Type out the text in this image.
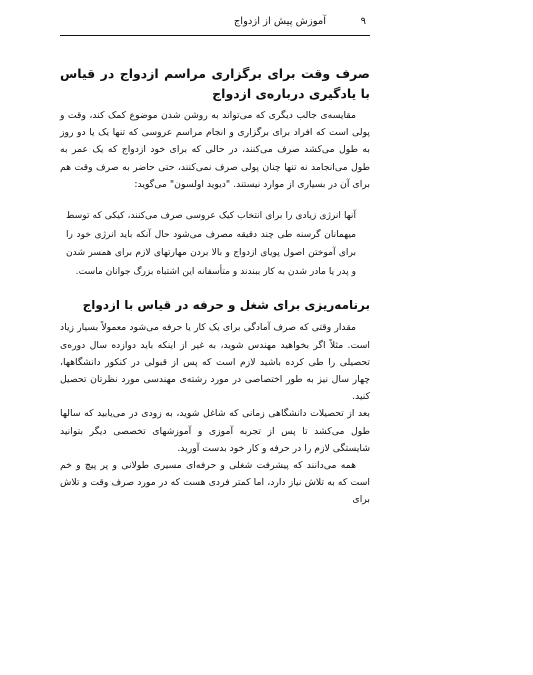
۹
آموزش پیش از ازدواج
صرف وقت برای برگزاری مراسم ازدواج در قیاس با یادگیری درباره‌ی ازدواج

مقایسه‌ی جالب دیگری که می‌تواند به روشن شدن موضوع کمک کند، وقت و پولی است که افراد برای برگزاری و انجام مراسم عروسی که تنها یک یا دو روز به طول می‌کشد صرف می‌کنند، در حالی که برای خود ازدواج که یک عمر به طول می‌انجامد نه تنها چنان پولی صرف نمی‌کنند، حتی حاضر به صرف وقت هم برای آن در بسیاری از موارد نیستند. "دیوید اولسون" می‌گوید:

آنها انرژی زیادی را برای انتخاب کیک عروسی صرف می‌کنند، کیکی که توسط میهمانان گرسنه طی چند دقیقه مصرف می‌شود حال آنکه باید انرژی خود را برای آموختن اصول پویای ازدواج و بالا بردن مهارتهای لازم برای همسر شدن و پدر یا مادر شدن به کار ببندند و متأسفانه این اشتباه بزرگ جوانان ماست.

برنامه‌ریزی برای شغل و حرفه در قیاس با ازدواج

مقدار وقتی که صرف آمادگی برای یک کار یا حرفه می‌شود معمولاً بسیار زیاد است. مثلاً اگر بخواهید مهندس شوید، به غیر از اینکه باید دوازده سال دوره‌ی تحصیلی را طی کرده باشید لازم است که پس از قبولی در کنکور دانشگاهها، چهار سال نیز به طور اختصاصی در مورد رشته‌ی مهندسی مورد نظرتان تحصیل کنید.

بعد از تحصیلات دانشگاهی زمانی که شاغل شوید، به زودی در می‌یابید که سالها طول می‌کشد تا پس از تجربه آموزی و آموزشهای تخصصی دیگر بتوانید شایستگی لازم را در حرفه و کار خود بدست آورید.

همه می‌دانند که پیشرفت شغلی و حرفه‌ای مسیری طولانی و پر پیچ و خم است که به تلاش نیاز دارد، اما کمتر فردی هست که در مورد صرف وقت و تلاش برای
